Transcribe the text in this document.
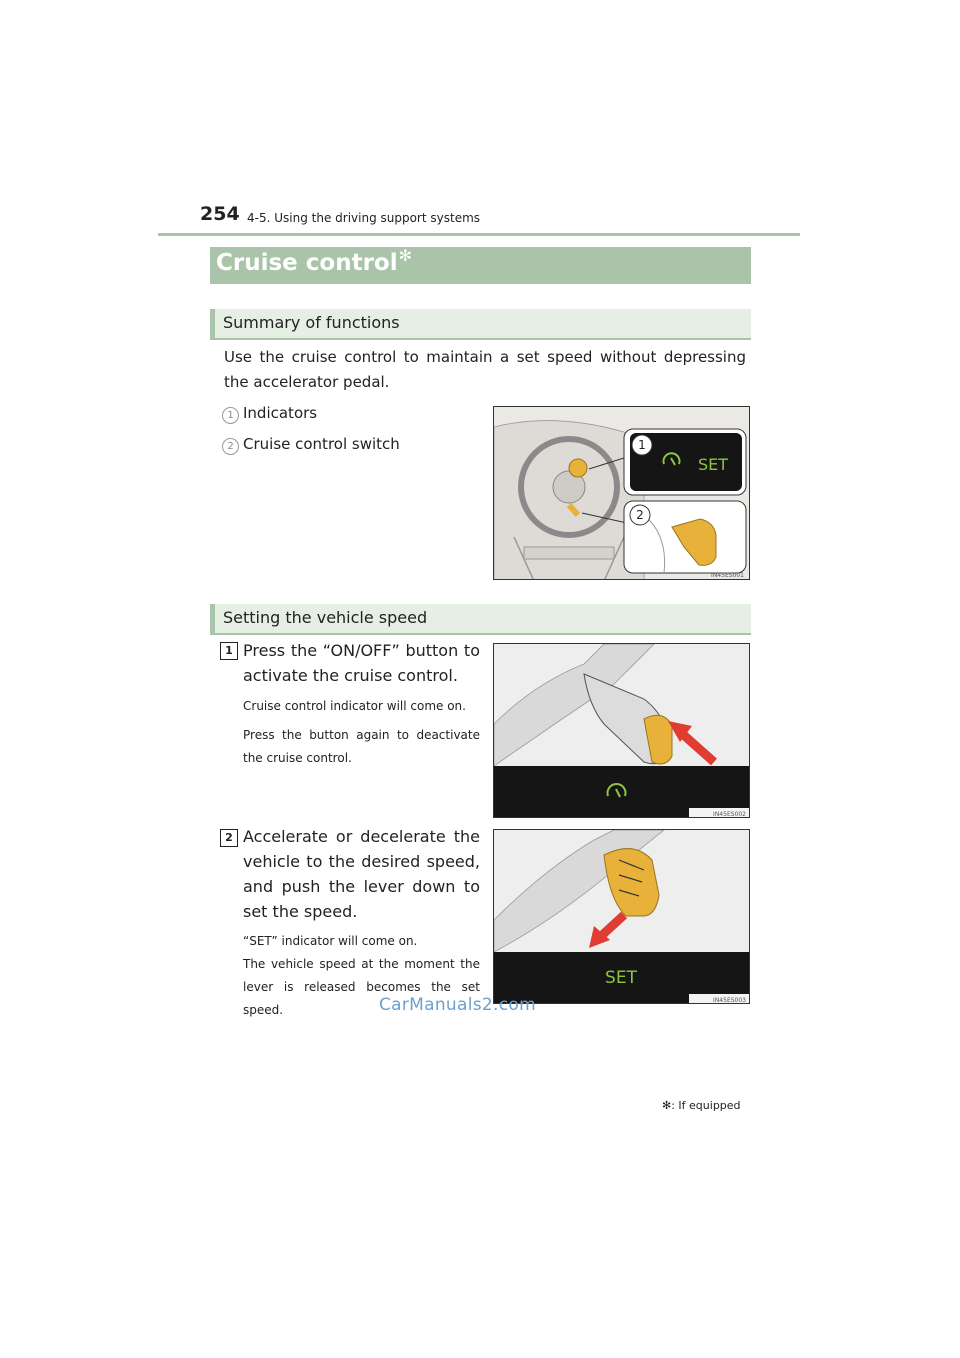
254 4-5. Using the driving support systems
Cruise control✻
Summary of functions
Use the cruise control to maintain a set speed without depressing the accelerator pedal.
1 Indicators
2 Cruise control switch	1
SET
2
IN45ES001
Setting the vehicle speed
1 Press the “ON/OFF” button to activate the cruise control.
Cruise control indicator will come on.
Press the button again to deactivate the cruise control.
IN45ES002
2 Accelerate or decelerate the vehicle to the desired speed, and push the lever down to set the speed.
“SET” indicator will come on.
The vehicle speed at the moment the lever is released becomes the set speed.
SET
IN45ES003
CarManuals2.com
✻: If equipped
